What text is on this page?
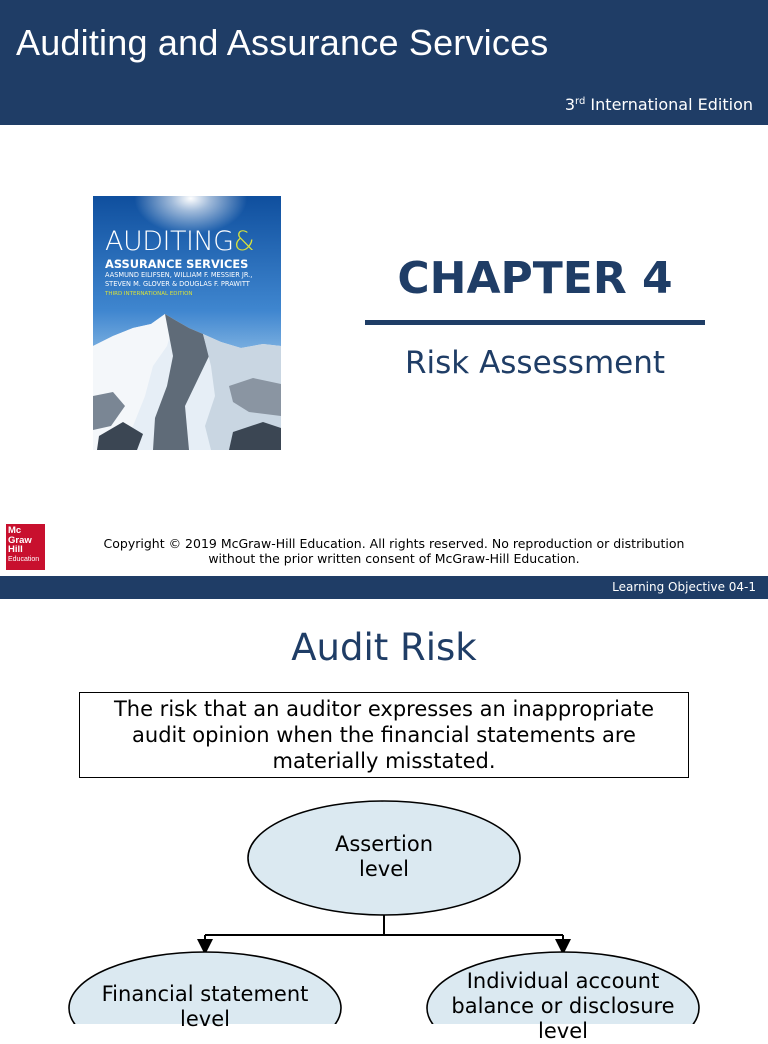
Auditing and Assurance Services
3rd International Edition
AUDITING&
ASSURANCE SERVICES
AASMUND EILIFSEN, WILLIAM F. MESSIER JR., STEVEN M. GLOVER & DOUGLAS F. PRAWITT
THIRD INTERNATIONAL EDITION	CHAPTER 4
Risk Assessment
Mc
Graw
Hill
Education
Copyright © 2019 McGraw-Hill Education. All rights reserved. No reproduction or distribution
without the prior written consent of McGraw-Hill Education.
Learning Objective 04-1
Audit Risk
The risk that an auditor expresses an inappropriate audit opinion when the financial statements are materially misstated.
Assertion
level
Financial statement
level
Individual account
balance or disclosure
level
